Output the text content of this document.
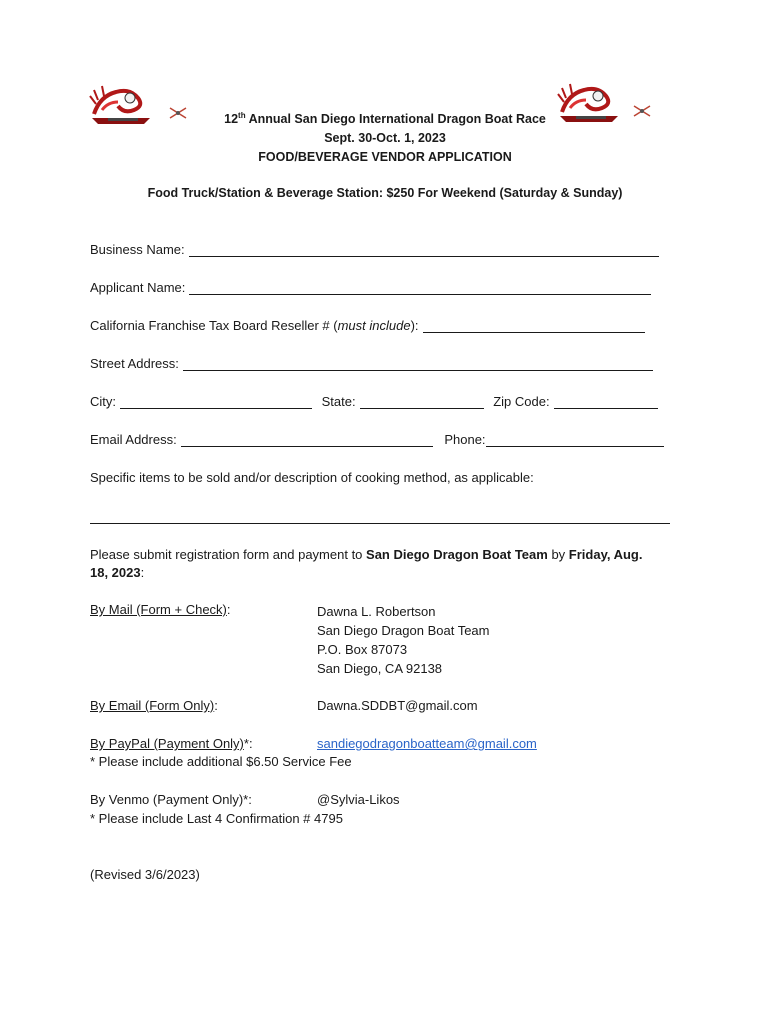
12th Annual San Diego International Dragon Boat Race
Sept. 30-Oct. 1, 2023
FOOD/BEVERAGE VENDOR APPLICATION
Food Truck/Station & Beverage Station: $250 For Weekend (Saturday & Sunday)
Business Name:
Applicant Name:
California Franchise Tax Board Reseller # (must include):
Street Address:
City:	State:	Zip Code:
Email Address:	Phone:
Specific items to be sold and/or description of cooking method, as applicable:
Please submit registration form and payment to San Diego Dragon Boat Team by Friday, Aug.
18, 2023:
By Mail (Form + Check):	Dawna L. Robertson
San Diego Dragon Boat Team
P.O. Box 87073
San Diego, CA 92138
By Email (Form Only):	Dawna.SDDBT@gmail.com
By PayPal (Payment Only)*:	sandiegodragonboatteam@gmail.com
* Please include additional $6.50 Service Fee
By Venmo (Payment Only)*:	@Sylvia-Likos
* Please include Last 4 Confirmation # 4795
(Revised 3/6/2023)
